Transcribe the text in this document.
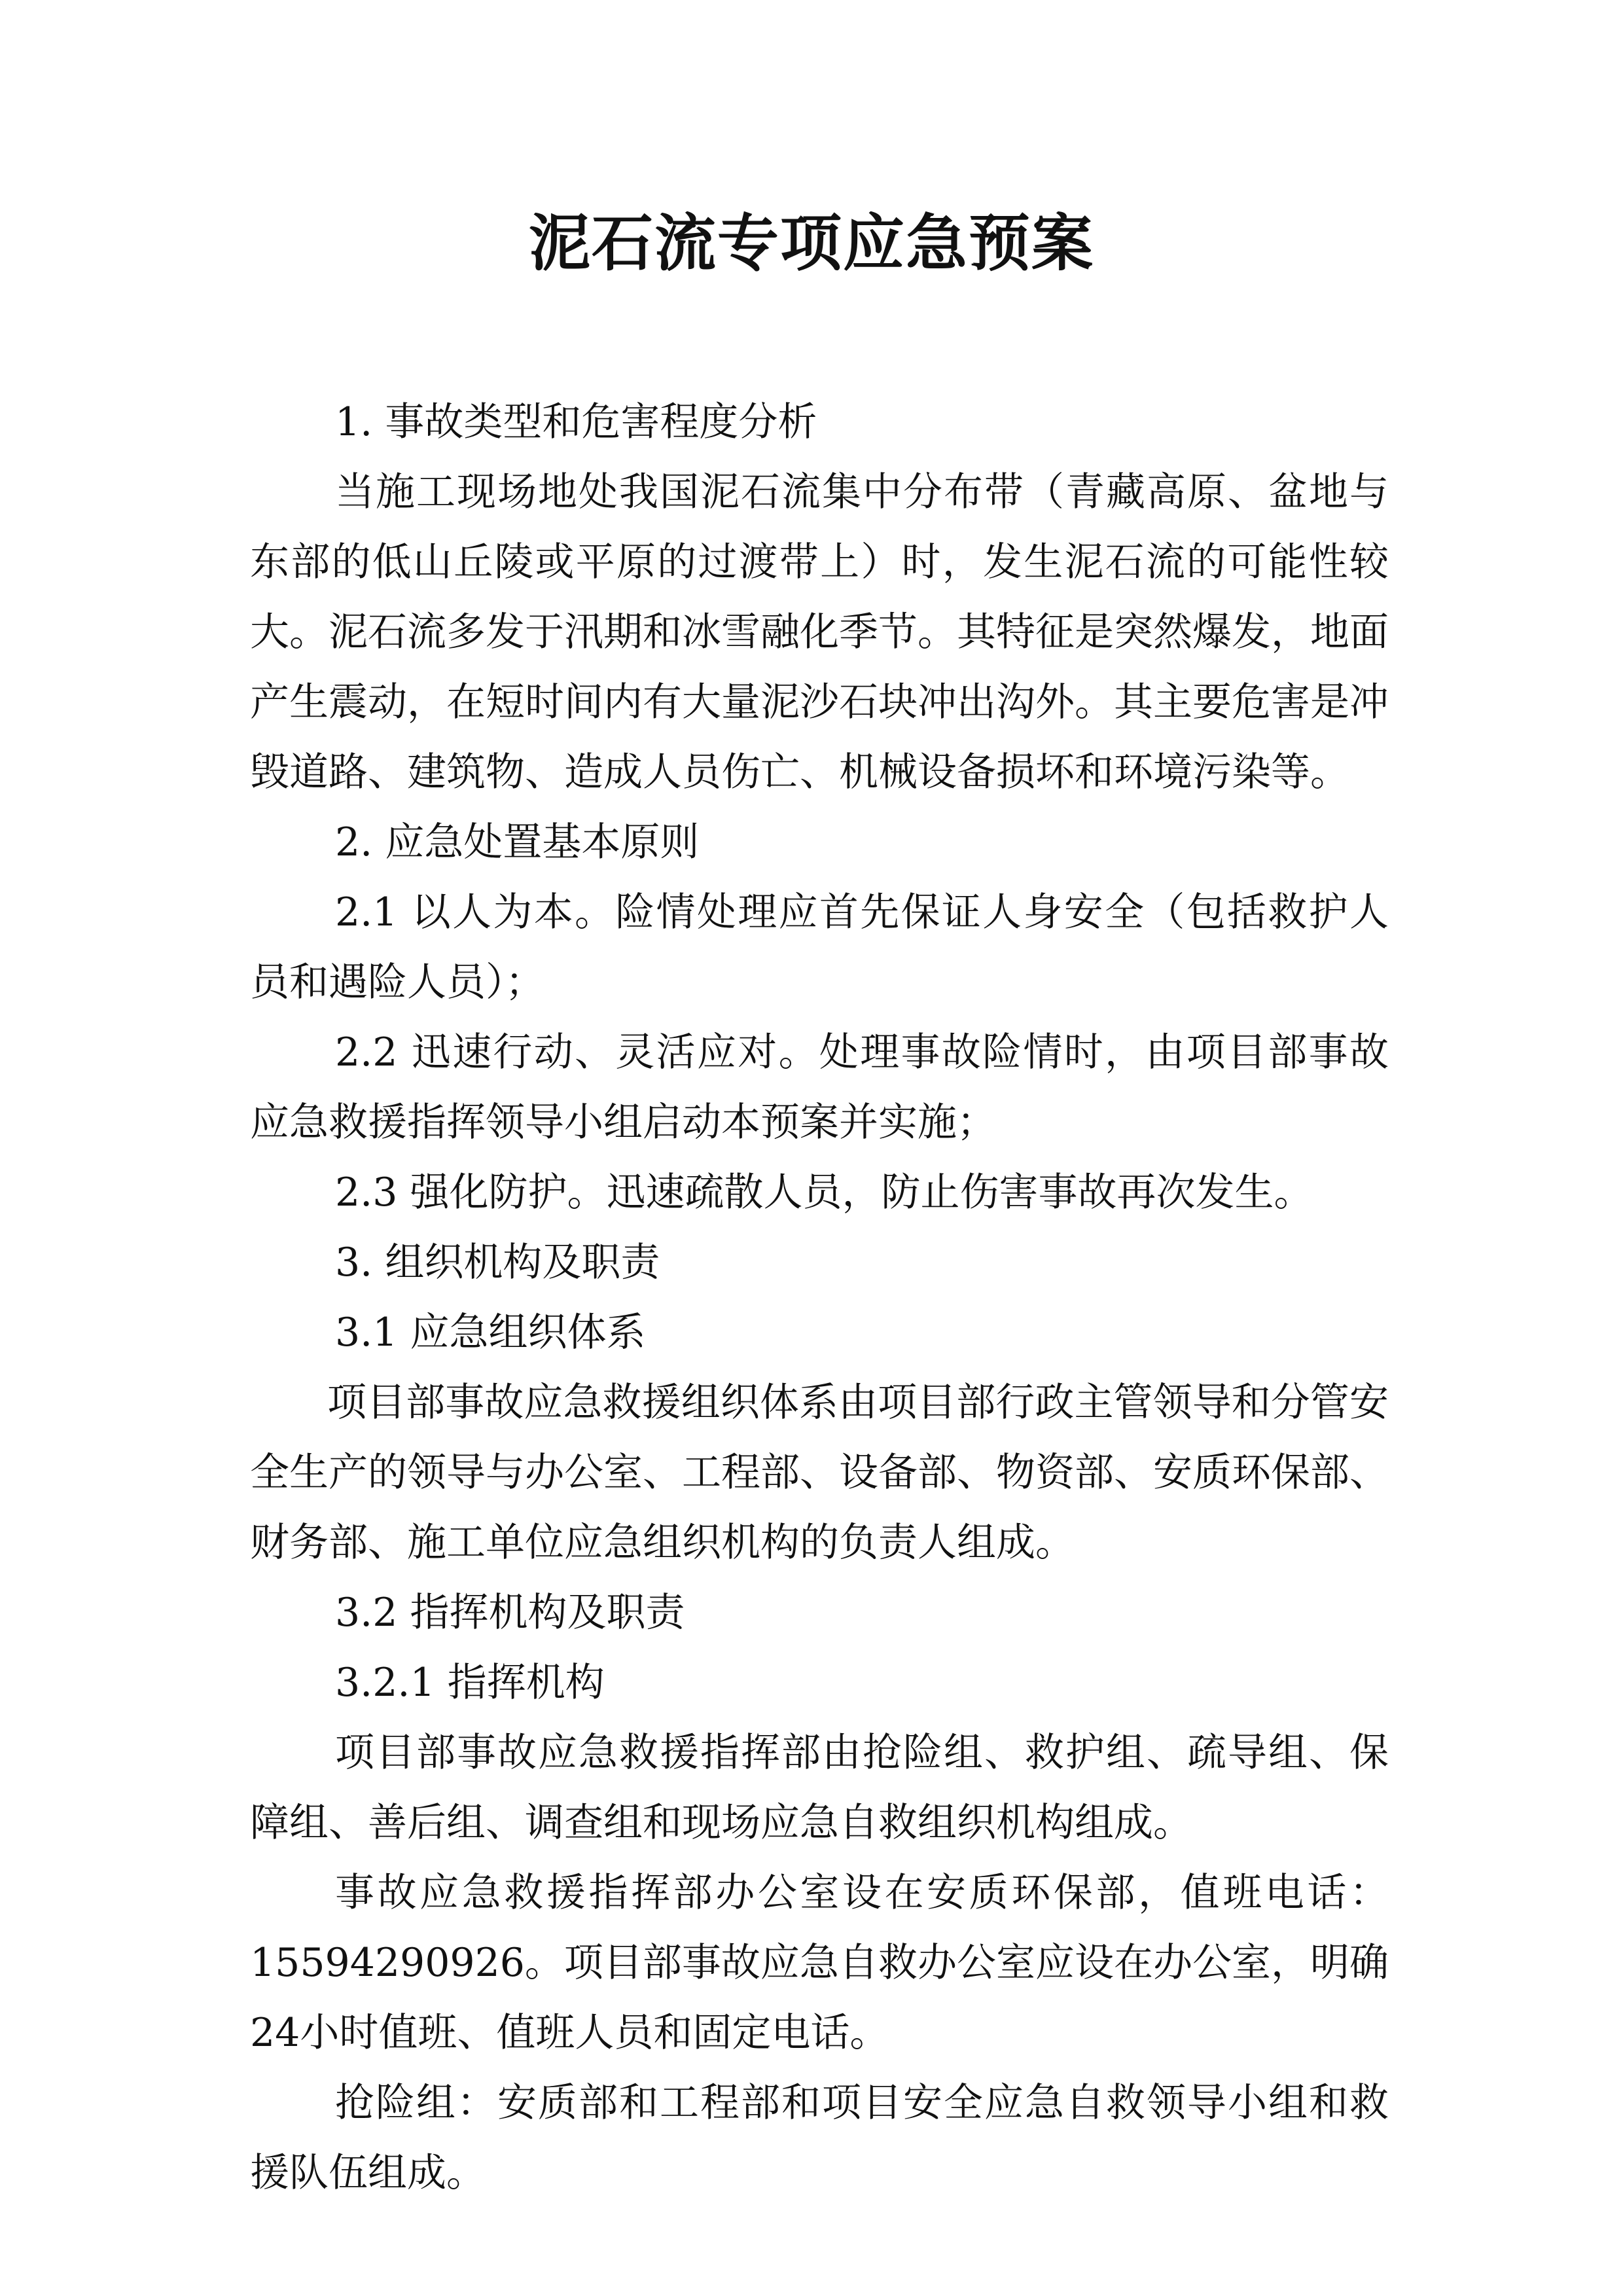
泥石流专项应急预案

1. 事故类型和危害程度分析

当施工现场地处我国泥石流集中分布带（青藏高原、盆地与东部的低山丘陵或平原的过渡带上）时，发生泥石流的可能性较大。泥石流多发于汛期和冰雪融化季节。其特征是突然爆发，地面产生震动，在短时间内有大量泥沙石块冲出沟外。其主要危害是冲毁道路、建筑物、造成人员伤亡、机械设备损坏和环境污染等。

2. 应急处置基本原则

2.1 以人为本。险情处理应首先保证人身安全（包括救护人员和遇险人员）；

2.2 迅速行动、灵活应对。处理事故险情时，由项目部事故应急救援指挥领导小组启动本预案并实施；

2.3 强化防护。迅速疏散人员，防止伤害事故再次发生。

3. 组织机构及职责

3.1 应急组织体系

项目部事故应急救援组织体系由项目部行政主管领导和分管安全生产的领导与办公室、工程部、设备部、物资部、安质环保部、财务部、施工单位应急组织机构的负责人组成。

3.2 指挥机构及职责

3.2.1 指挥机构

项目部事故应急救援指挥部由抢险组、救护组、疏导组、保障组、善后组、调查组和现场应急自救组织机构组成。

事故应急救援指挥部办公室设在安质环保部，值班电话：15594290926。项目部事故应急自救办公室应设在办公室，明确24小时值班、值班人员和固定电话。

抢险组：安质部和工程部和项目安全应急自救领导小组和救援队伍组成。
